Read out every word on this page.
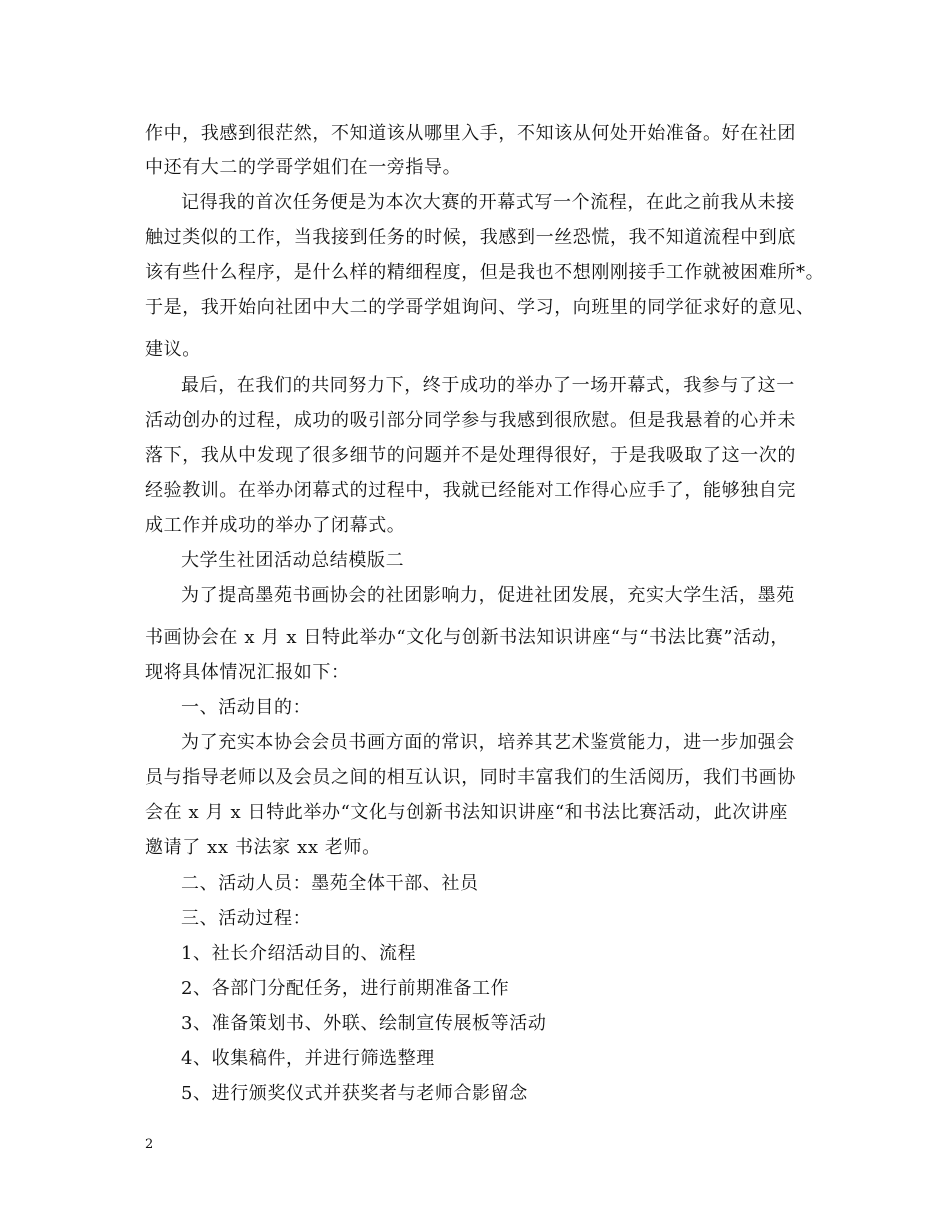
作中，我感到很茫然，不知道该从哪里入手，不知该从何处开始准备。好在社团
中还有大二的学哥学姐们在一旁指导。
记得我的首次任务便是为本次大赛的开幕式写一个流程，在此之前我从未接
触过类似的工作，当我接到任务的时候，我感到一丝恐慌，我不知道流程中到底
该有些什么程序，是什么样的精细程度，但是我也不想刚刚接手工作就被困难所*。
于是，我开始向社团中大二的学哥学姐询问、学习，向班里的同学征求好的意见、
建议。
最后，在我们的共同努力下，终于成功的举办了一场开幕式，我参与了这一
活动创办的过程，成功的吸引部分同学参与我感到很欣慰。但是我悬着的心并未
落下，我从中发现了很多细节的问题并不是处理得很好，于是我吸取了这一次的
经验教训。在举办闭幕式的过程中，我就已经能对工作得心应手了，能够独自完
成工作并成功的举办了闭幕式。
大学生社团活动总结模版二
为了提高墨苑书画协会的社团影响力，促进社团发展，充实大学生活，墨苑
书画协会在 x 月 x 日特此举办“文化与创新书法知识讲座“与“书法比赛”活动，
现将具体情况汇报如下：
一、活动目的：
为了充实本协会会员书画方面的常识，培养其艺术鉴赏能力，进一步加强会
员与指导老师以及会员之间的相互认识，同时丰富我们的生活阅历，我们书画协
会在 x 月 x 日特此举办“文化与创新书法知识讲座“和书法比赛活动，此次讲座
邀请了 xx 书法家 xx 老师。
二、活动人员：墨苑全体干部、社员
三、活动过程：
1、社长介绍活动目的、流程
2、各部门分配任务，进行前期准备工作
3、准备策划书、外联、绘制宣传展板等活动
4、收集稿件，并进行筛选整理
5、进行颁奖仪式并获奖者与老师合影留念
2
